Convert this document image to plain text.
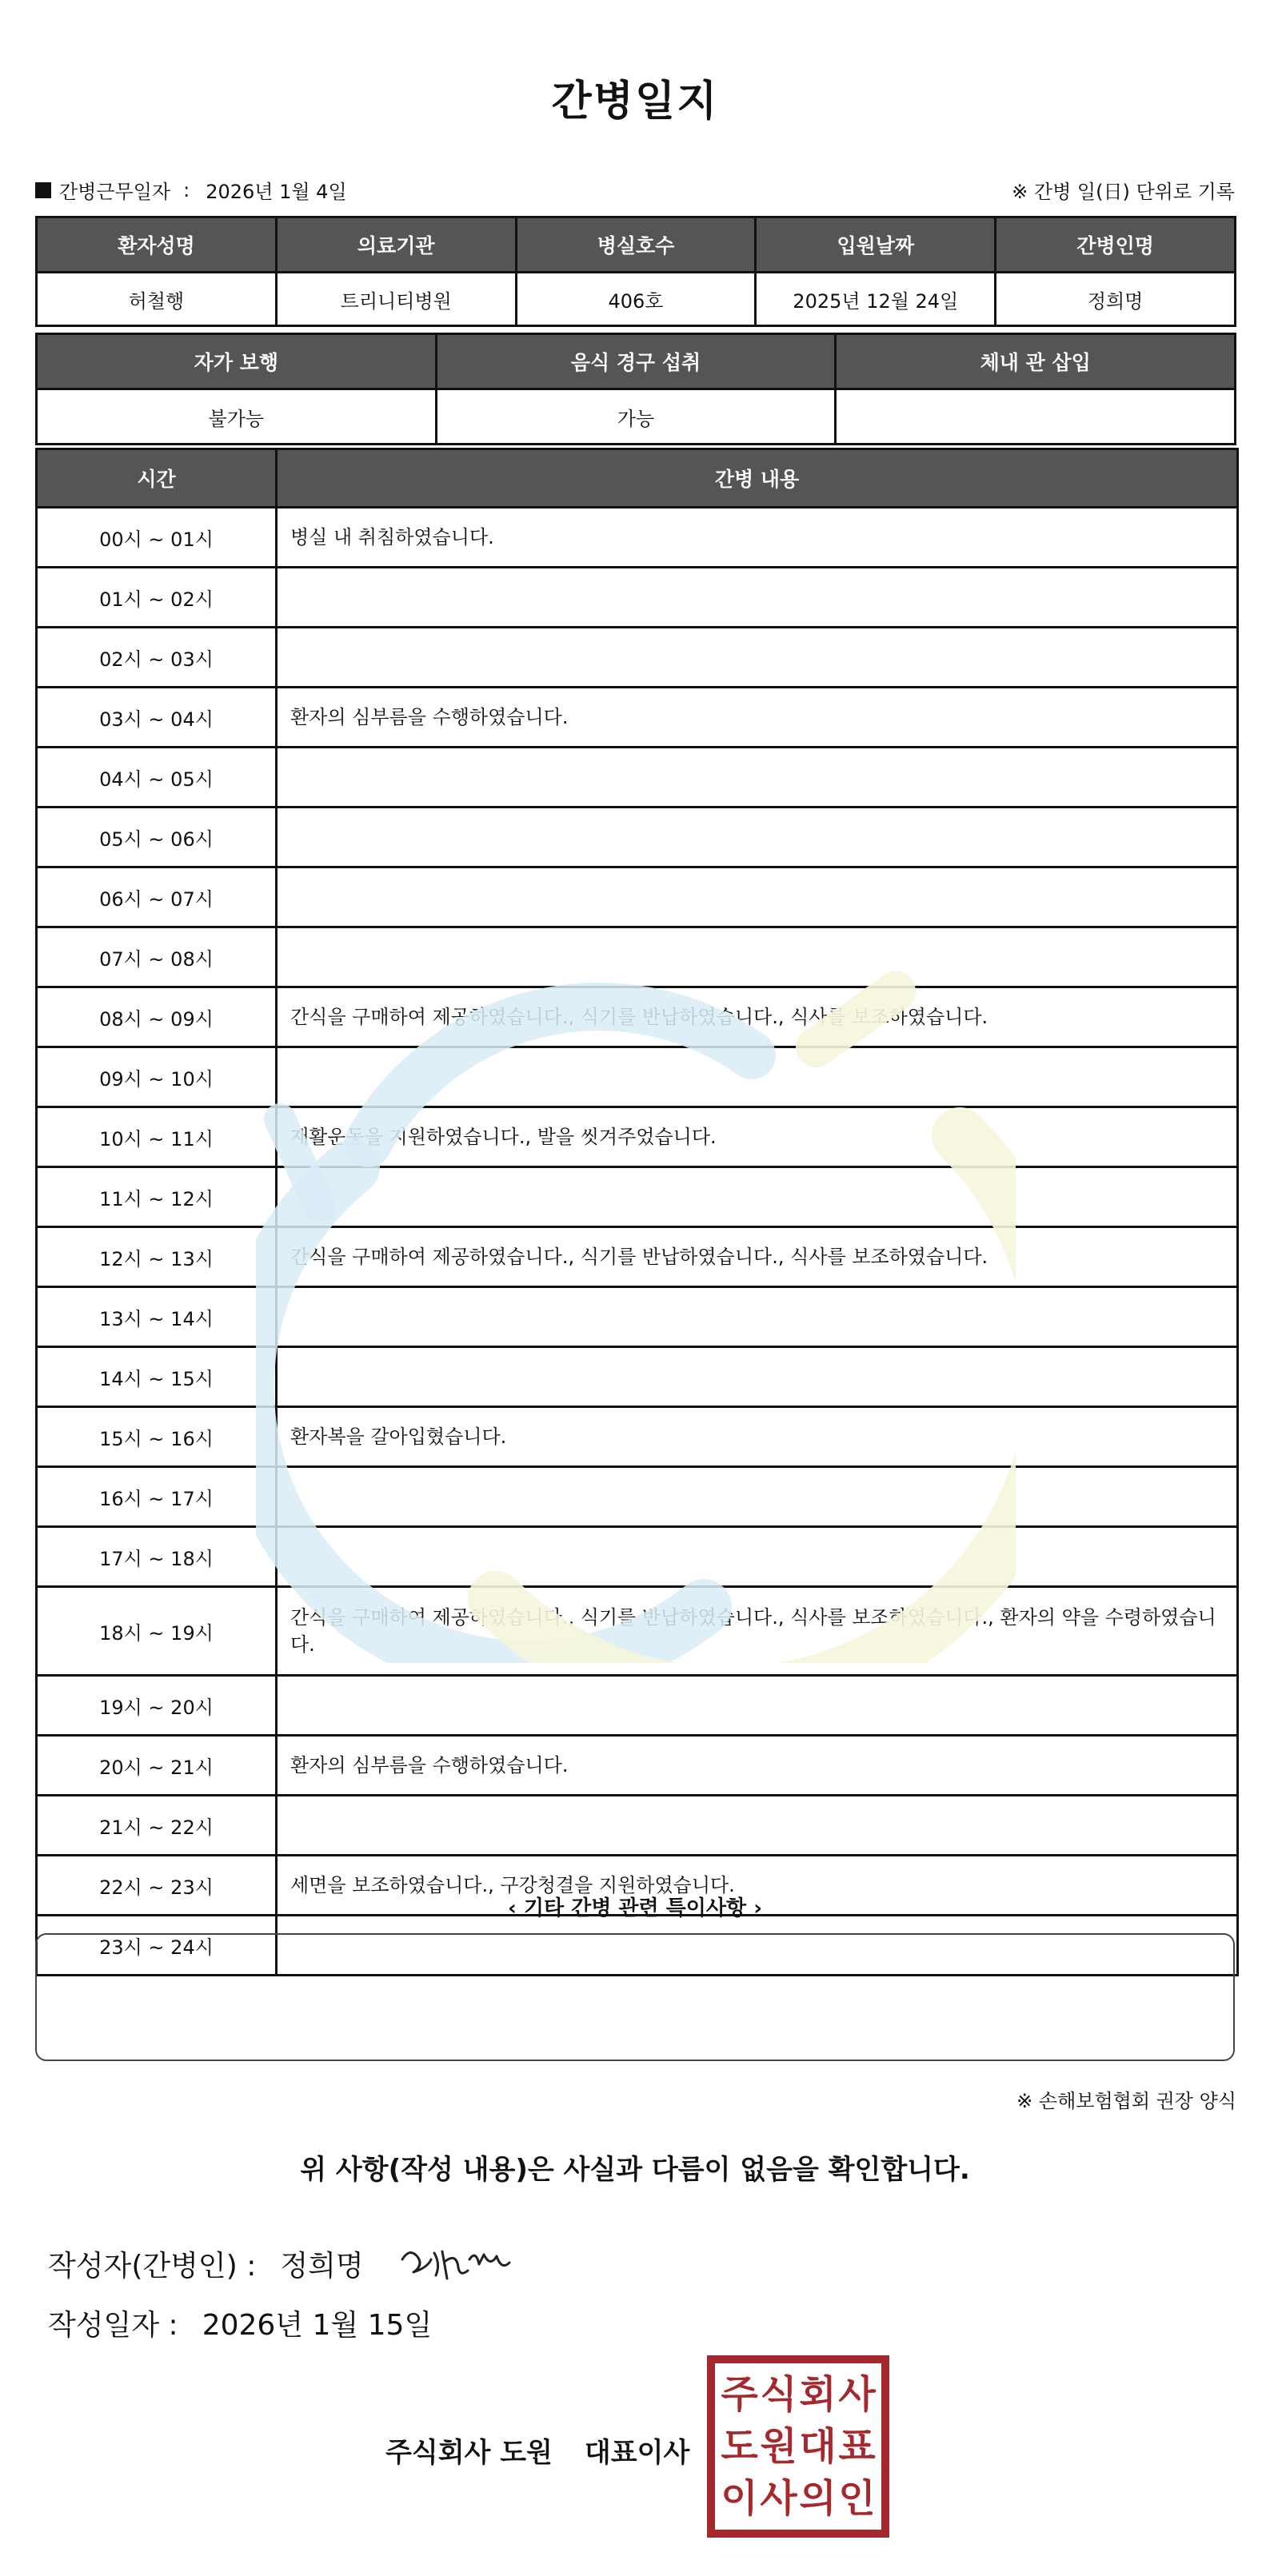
간병일지
간병근무일자 : 2026년 1월 4일	※ 간병 일(日) 단위로 기록
환자성명	의료기관	병실호수	입원날짜	간병인명
허철행	트리니티병원	406호	2025년 12월 24일	정희명
자가 보행	음식 경구 섭취	체내 관 삽입
불가능	가능	
시간	간병 내용
00시 ~ 01시	병실 내 취침하였습니다.
01시 ~ 02시	
02시 ~ 03시	
03시 ~ 04시	환자의 심부름을 수행하였습니다.
04시 ~ 05시	
05시 ~ 06시	
06시 ~ 07시	
07시 ~ 08시	
08시 ~ 09시	간식을 구매하여 제공하였습니다., 식기를 반납하였습니다., 식사를 보조하였습니다.
09시 ~ 10시	
10시 ~ 11시	재활운동을 지원하였습니다., 발을 씻겨주었습니다.
11시 ~ 12시	
12시 ~ 13시	간식을 구매하여 제공하였습니다., 식기를 반납하였습니다., 식사를 보조하였습니다.
13시 ~ 14시	
14시 ~ 15시	
15시 ~ 16시	환자복을 갈아입혔습니다.
16시 ~ 17시	
17시 ~ 18시	
18시 ~ 19시	간식을 구매하여 제공하였습니다., 식기를 반납하였습니다., 식사를 보조하였습니다., 환자의 약을 수령하였습니다.
19시 ~ 20시	
20시 ~ 21시	환자의 심부름을 수행하였습니다.
21시 ~ 22시	
22시 ~ 23시	세면을 보조하였습니다., 구강청결을 지원하였습니다.
23시 ~ 24시	
‹ 기타 간병 관련 특이사항 ›
※ 손해보험협회 권장 양식
위 사항(작성 내용)은 사실과 다름이 없음을 확인합니다.
작성자(간병인) : 정희명
작성일자 : 2026년 1월 15일
주식회사 도원 대표이사
주 식 회 사
도 원 대 표
이 사 의 인
